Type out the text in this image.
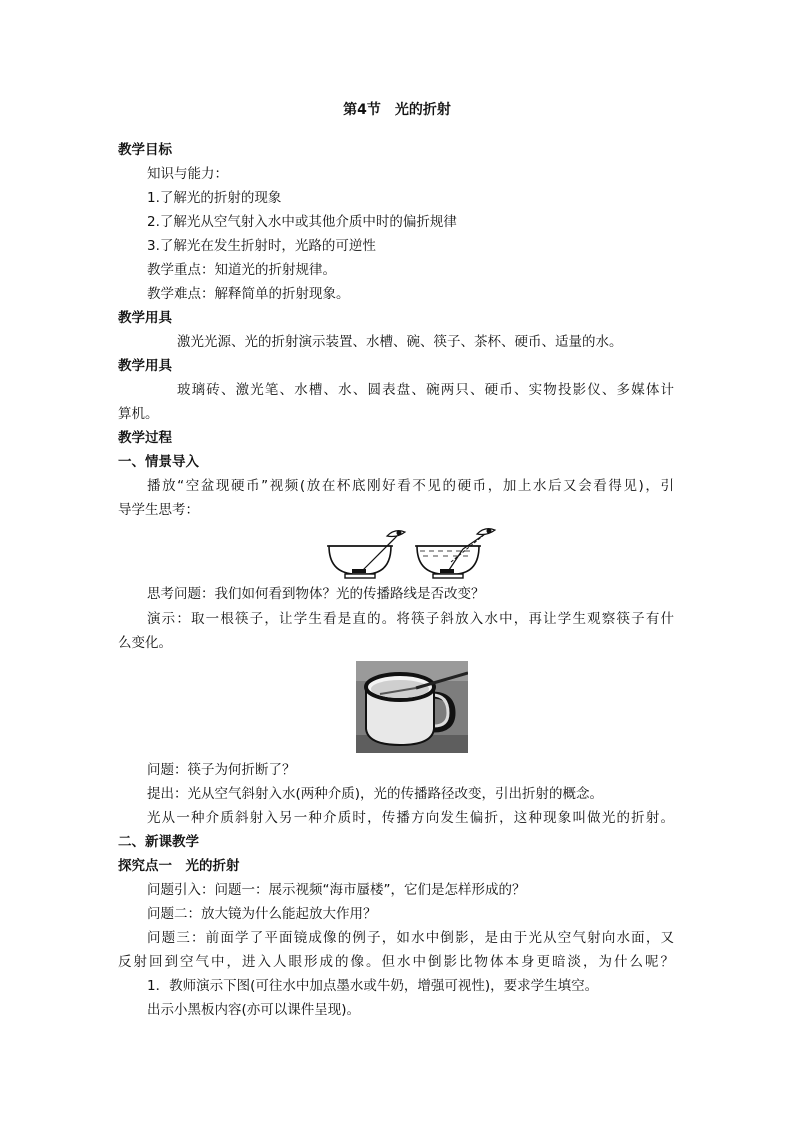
第4节　光的折射
教学目标
知识与能力：
1.了解光的折射的现象
2.了解光从空气射入水中或其他介质中时的偏折规律
3.了解光在发生折射时，光路的可逆性
教学重点：知道光的折射规律。
教学难点：解释简单的折射现象。
教学用具
激光光源、光的折射演示装置、水槽、碗、筷子、茶杯、硬币、适量的水。
教学用具
玻璃砖、激光笔、水槽、水、圆表盘、碗两只、硬币、实物投影仪、多媒体计
算机。
教学过程
一、情景导入
播放“空盆现硬币”视频(放在杯底刚好看不见的硬币，加上水后又会看得见)，引
导学生思考：
思考问题：我们如何看到物体？光的传播路线是否改变？
演示：取一根筷子，让学生看是直的。将筷子斜放入水中，再让学生观察筷子有什
么变化。
问题：筷子为何折断了？
提出：光从空气斜射入水(两种介质)，光的传播路径改变，引出折射的概念。
光从一种介质斜射入另一种介质时，传播方向发生偏折，这种现象叫做光的折射。
二、新课教学
探究点一　光的折射
问题引入：问题一：展示视频“海市蜃楼”，它们是怎样形成的？
问题二：放大镜为什么能起放大作用？
问题三：前面学了平面镜成像的例子，如水中倒影，是由于光从空气射向水面，又
反射回到空气中，进入人眼形成的像。但水中倒影比物体本身更暗淡，为什么呢？
1．教师演示下图(可往水中加点墨水或牛奶，增强可视性)，要求学生填空。
出示小黑板内容(亦可以课件呈现)。
